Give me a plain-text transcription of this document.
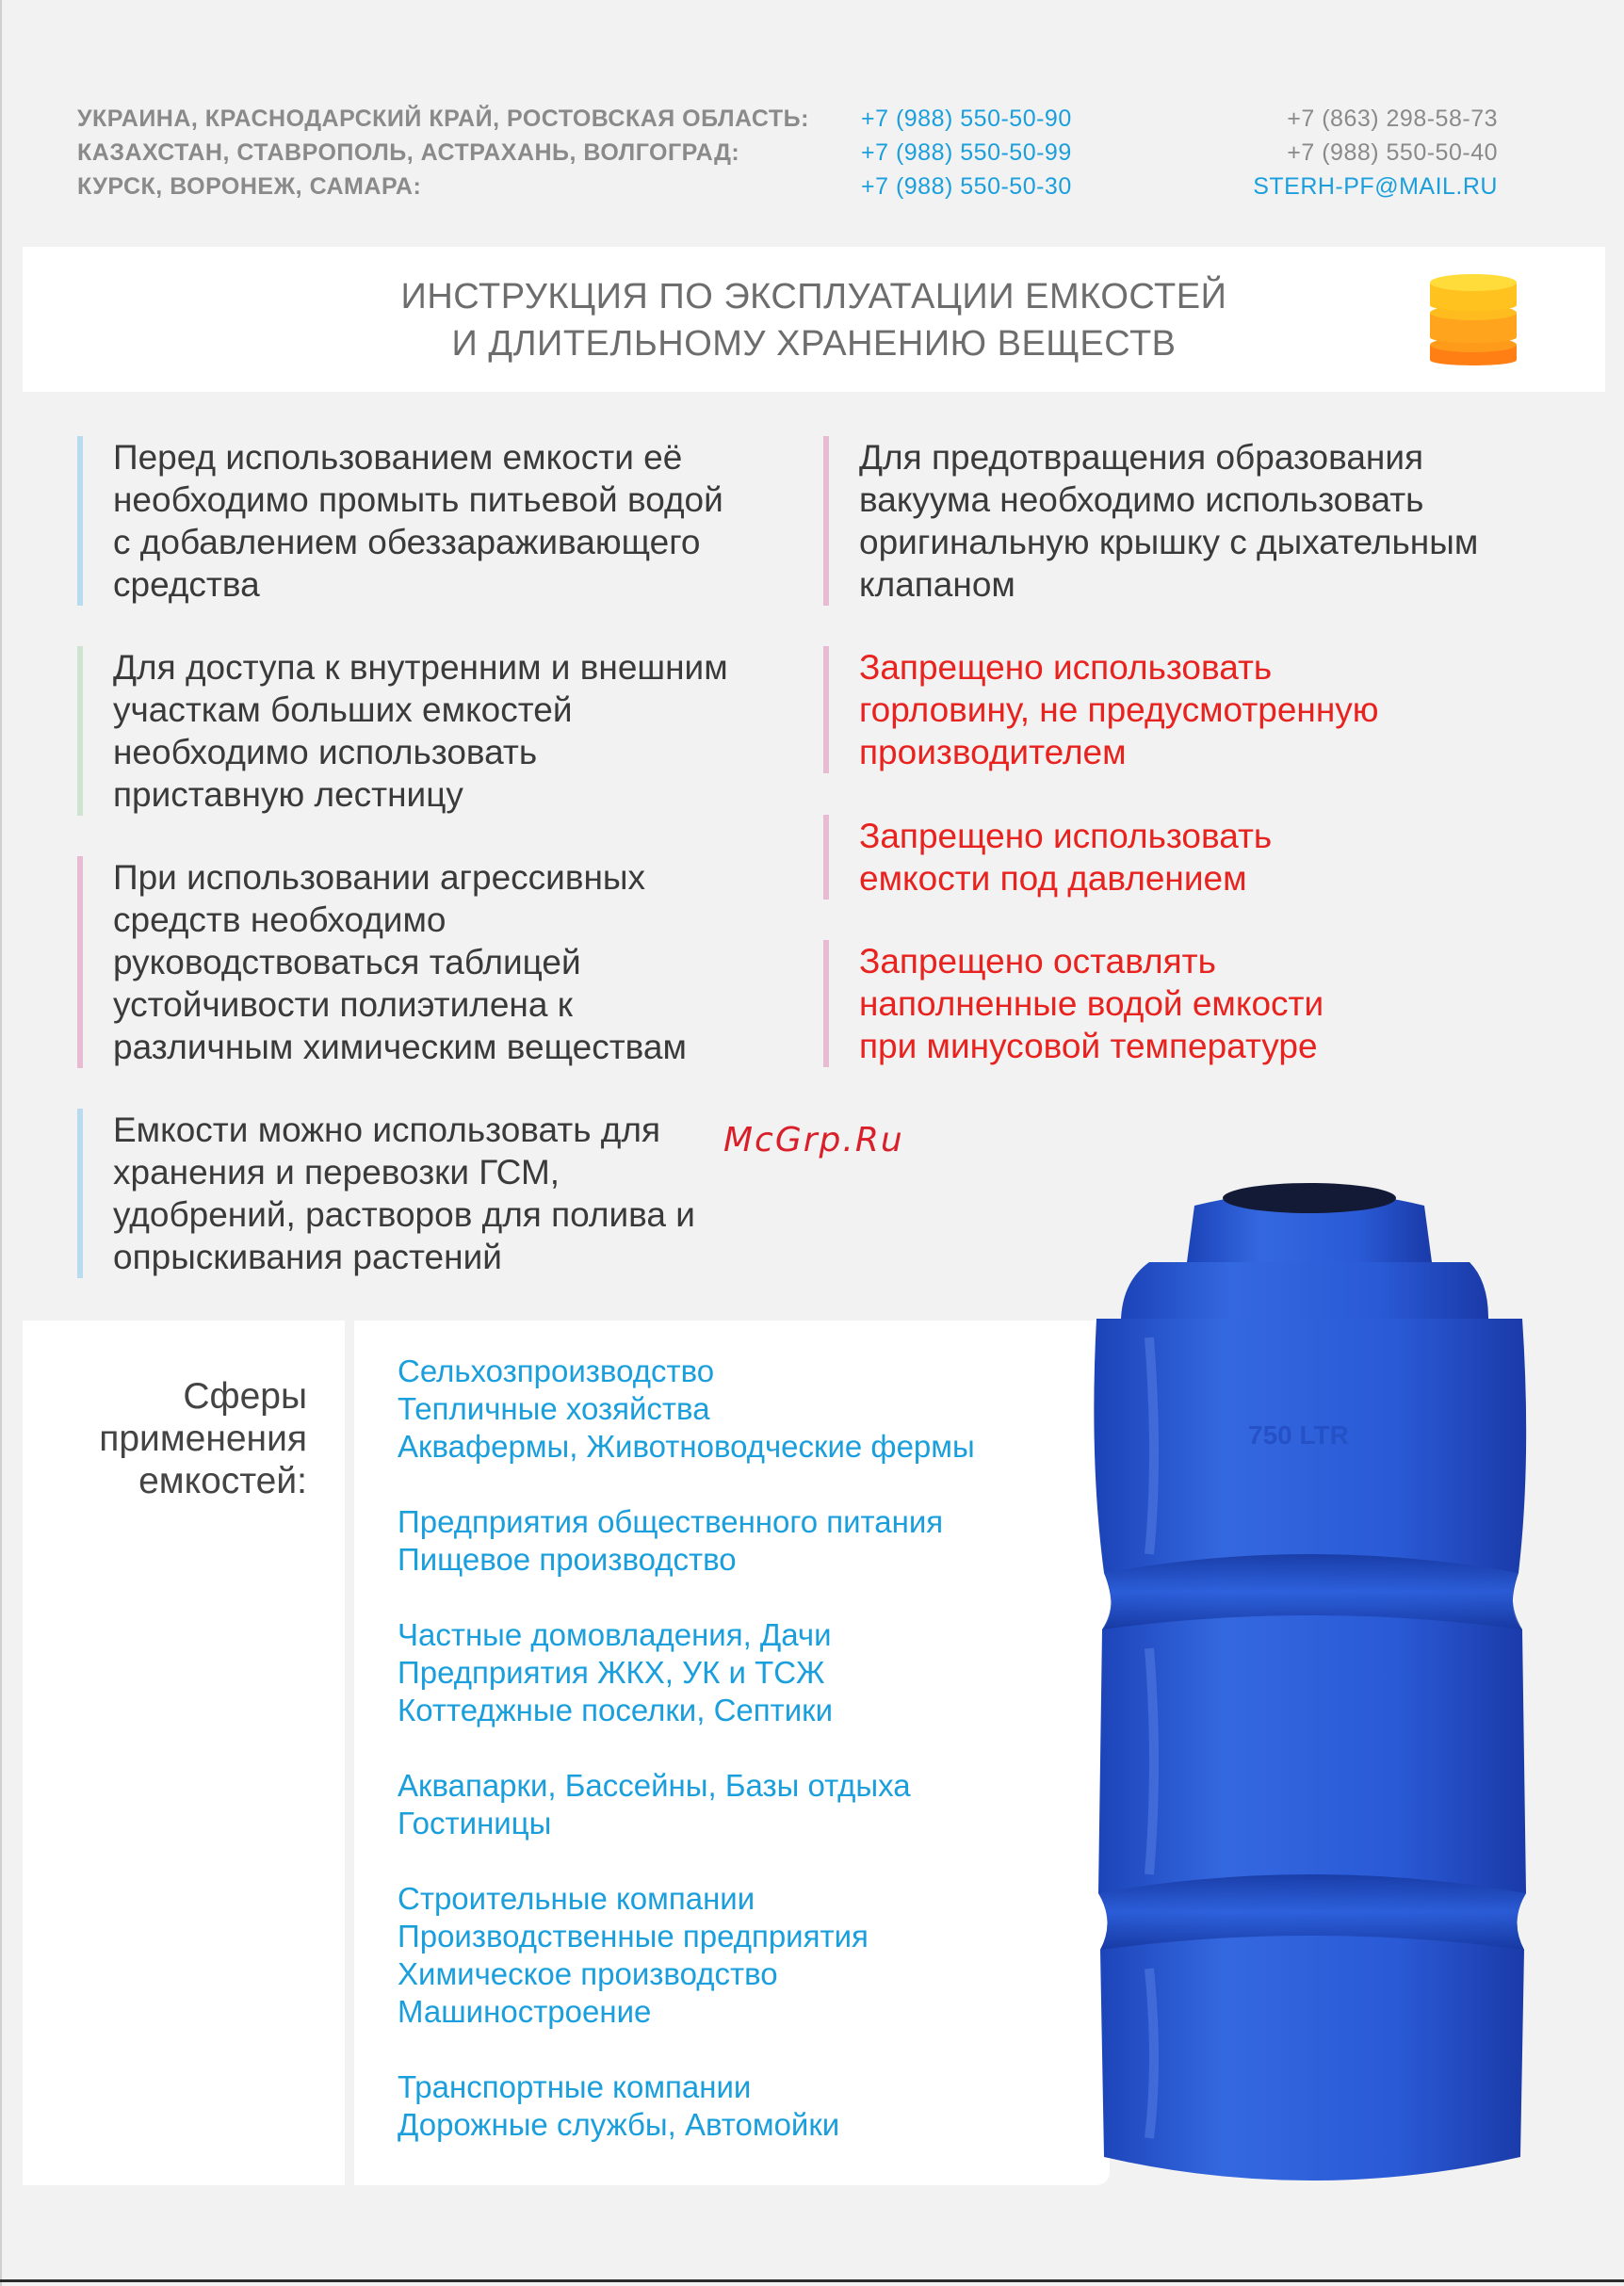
УКРАИНА, КРАСНОДАРСКИЙ КРАЙ, РОСТОВСКАЯ ОБЛАСТЬ:
КАЗАХСТАН, СТАВРОПОЛЬ, АСТРАХАНЬ, ВОЛГОГРАД:
КУРСК, ВОРОНЕЖ, САМАРА:
+7 (988) 550-50-90
+7 (988) 550-50-99
+7 (988) 550-50-30
+7 (863) 298-58-73
+7 (988) 550-50-40
STERH-PF@MAIL.RU
ИНСТРУКЦИЯ ПО ЭКСПЛУАТАЦИИ ЕМКОСТЕЙ
И ДЛИТЕЛЬНОМУ ХРАНЕНИЮ ВЕЩЕСТВ

Перед использованием емкости её
необходимо промыть питьевой водой
с добавлением обеззараживающего
средства

Для доступа к внутренним и внешним
участкам больших емкостей
необходимо использовать
приставную лестницу

При использовании агрессивных
средств необходимо
руководствоваться таблицей
устойчивости полиэтилена к
различным химическим веществам

Емкости можно использовать для
хранения и перевозки ГСМ,
удобрений, растворов для полива и
опрыскивания растений

Для предотвращения образования
вакуума необходимо использовать
оригинальную крышку с дыхательным
клапаном

Запрещено использовать
горловину, не предусмотренную
производителем

Запрещено использовать
емкости под давлением

Запрещено оставлять
наполненные водой емкости
при минусовой температуре

McGrp.Ru
Сферы
применения
емкостей:
Сельхозпроизводство
Тепличные хозяйства
Аквафермы, Животноводческие фермы
Предприятия общественного питания
Пищевое производство
Частные домовладения, Дачи
Предприятия ЖКХ, УК и ТСЖ
Коттеджные поселки, Септики
Аквапарки, Бассейны, Базы отдыха
Гостиницы
Строительные компании
Производственные предприятия
Химическое производство
Машиностроение
Транспортные компании
Дорожные службы, Автомойки
750 LTR
